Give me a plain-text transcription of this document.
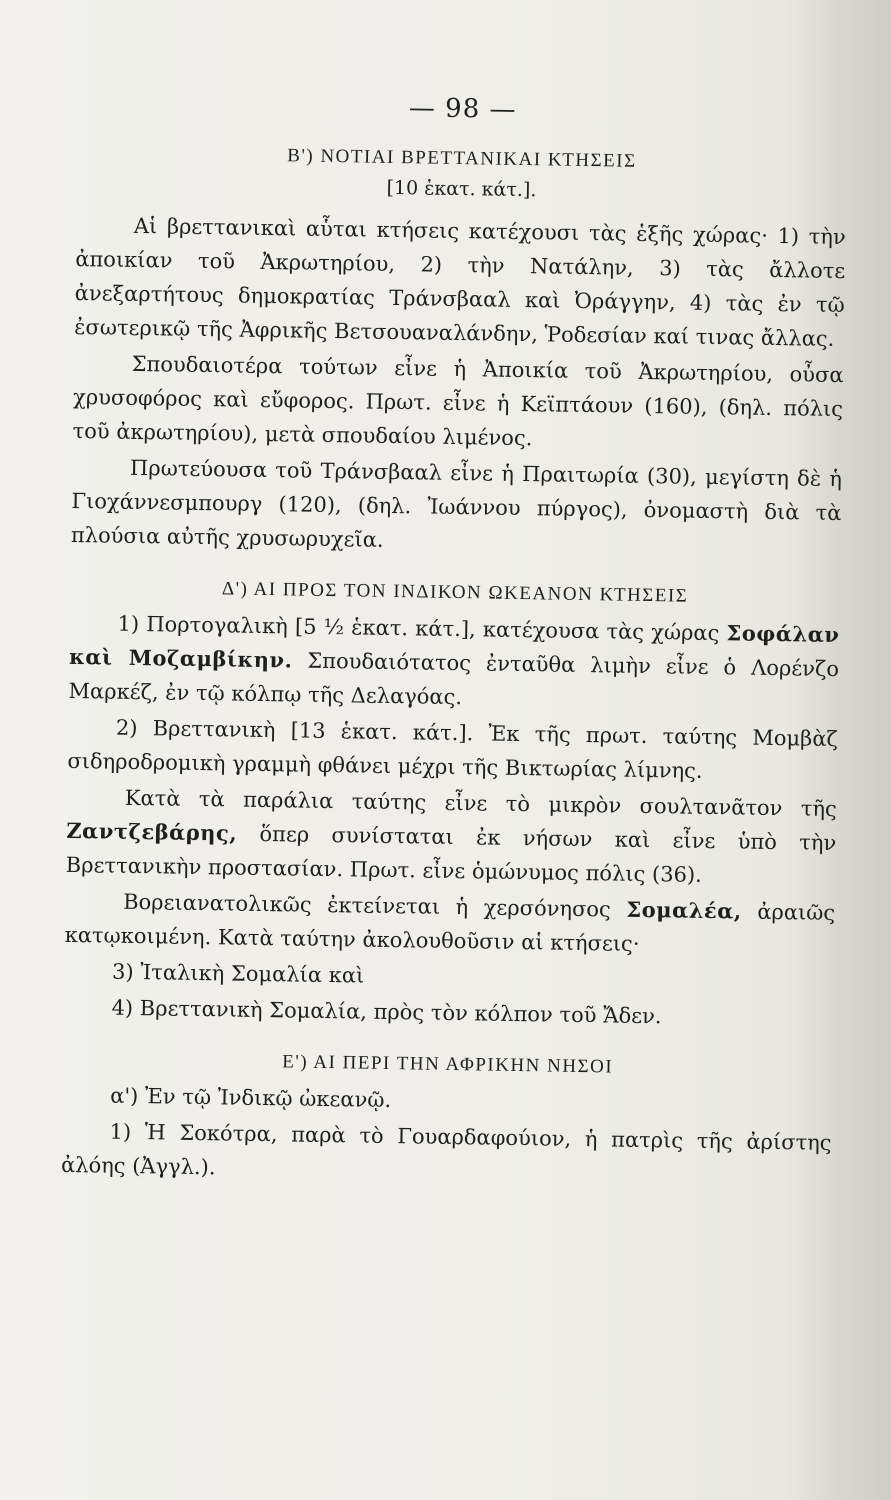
— 98 —
Β') ΝΟΤΙΑΙ ΒΡΕΤΤΑΝΙΚΑΙ ΚΤΗΣΕΙΣ
[10 ἑκατ. κάτ.].

Αἱ βρεττανικαὶ αὗται κτήσεις κατέχουσι τὰς ἑξῆς χώρας· 1) τὴν ἀποικίαν τοῦ Ἀκρωτηρίου, 2) τὴν Νατάλην, 3) τὰς ἄλλοτε ἀνεξαρτήτους δημοκρατίας Τράνσβααλ καὶ Ὀράγγην, 4) τὰς ἐν τῷ ἐσωτερικῷ τῆς Ἀφρικῆς Βετσουαναλάνδην, Ῥοδεσίαν καί τινας ἄλλας.

Σπουδαιοτέρα τούτων εἶνε ἡ Ἀποικία τοῦ Ἀκρωτηρίου, οὖσα χρυσοφόρος καὶ εὔφορος. Πρωτ. εἶνε ἡ Κεϊπτάουν (160), (δηλ. πόλις τοῦ ἀκρωτηρίου), μετὰ σπουδαίου λιμένος.

Πρωτεύουσα τοῦ Τράνσβααλ εἶνε ἡ Πραιτωρία (30), μεγίστη δὲ ἡ Γιοχάννεσμπουργ (120), (δηλ. Ἰωάννου πύργος), ὀνομαστὴ διὰ τὰ πλούσια αὐτῆς χρυσωρυχεῖα.

Δ') ΑΙ ΠΡΟΣ ΤΟΝ ΙΝΔΙΚΟΝ ΩΚΕΑΝΟΝ ΚΤΗΣΕΙΣ

1) Πορτογαλικὴ [5 ½ ἑκατ. κάτ.], κατέχουσα τὰς χώρας Σοφάλαν καὶ Μοζαμβίκην. Σπουδαιότατος ἐνταῦθα λιμὴν εἶνε ὁ Λορένζο Μαρκέζ, ἐν τῷ κόλπῳ τῆς Δελαγόας.

2) Βρεττανικὴ [13 ἑκατ. κάτ.]. Ἐκ τῆς πρωτ. ταύτης Μομβὰζ σιδηροδρομικὴ γραμμὴ φθάνει μέχρι τῆς Βικτωρίας λίμνης.

Κατὰ τὰ παράλια ταύτης εἶνε τὸ μικρὸν σουλτανᾶτον τῆς Ζαντζεβάρης, ὅπερ συνίσταται ἐκ νήσων καὶ εἶνε ὑπὸ τὴν Βρεττανικὴν προστασίαν. Πρωτ. εἶνε ὁμώνυμος πόλις (36).

Βορειανατολικῶς ἐκτείνεται ἡ χερσόνησος Σομαλέα, ἀραιῶς κατῳκοιμένη. Κατὰ ταύτην ἀκολουθοῦσιν αἱ κτήσεις·

3) Ἰταλικὴ Σομαλία καὶ

4) Βρεττανικὴ Σομαλία, πρὸς τὸν κόλπον τοῦ Ἄδεν.

Ε') ΑΙ ΠΕΡΙ ΤΗΝ ΑΦΡΙΚΗΝ ΝΗΣΟΙ

α') Ἐν τῷ Ἰνδικῷ ὠκεανῷ.

1) Ἡ Σοκότρα, παρὰ τὸ Γουαρδαφούιον, ἡ πατρὶς τῆς ἀρίστης ἀλόης (Ἀγγλ.).
